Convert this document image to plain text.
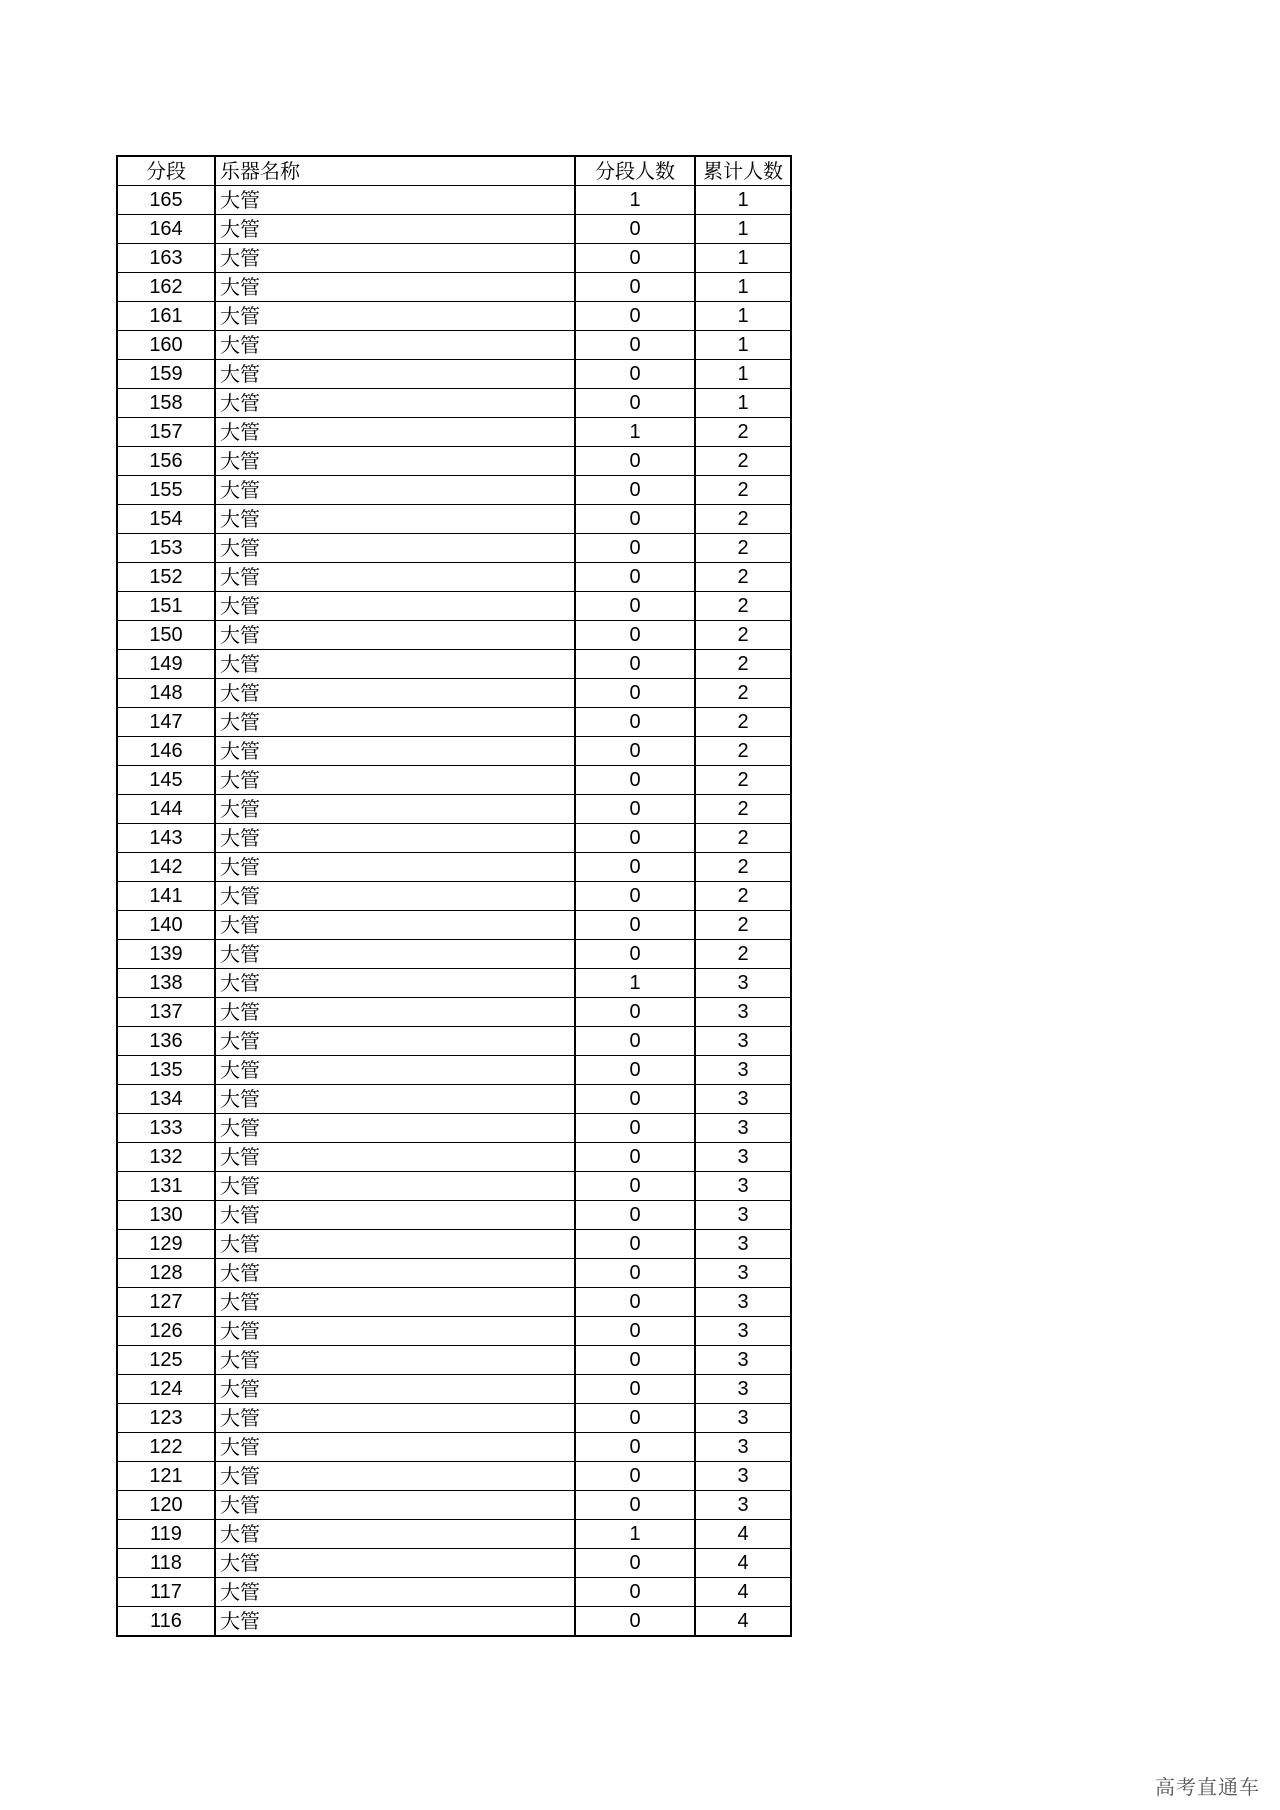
分段	乐器名称	分段人数	累计人数
165	大管	1	1
164	大管	0	1
163	大管	0	1
162	大管	0	1
161	大管	0	1
160	大管	0	1
159	大管	0	1
158	大管	0	1
157	大管	1	2
156	大管	0	2
155	大管	0	2
154	大管	0	2
153	大管	0	2
152	大管	0	2
151	大管	0	2
150	大管	0	2
149	大管	0	2
148	大管	0	2
147	大管	0	2
146	大管	0	2
145	大管	0	2
144	大管	0	2
143	大管	0	2
142	大管	0	2
141	大管	0	2
140	大管	0	2
139	大管	0	2
138	大管	1	3
137	大管	0	3
136	大管	0	3
135	大管	0	3
134	大管	0	3
133	大管	0	3
132	大管	0	3
131	大管	0	3
130	大管	0	3
129	大管	0	3
128	大管	0	3
127	大管	0	3
126	大管	0	3
125	大管	0	3
124	大管	0	3
123	大管	0	3
122	大管	0	3
121	大管	0	3
120	大管	0	3
119	大管	1	4
118	大管	0	4
117	大管	0	4
116	大管	0	4
高考直通车
